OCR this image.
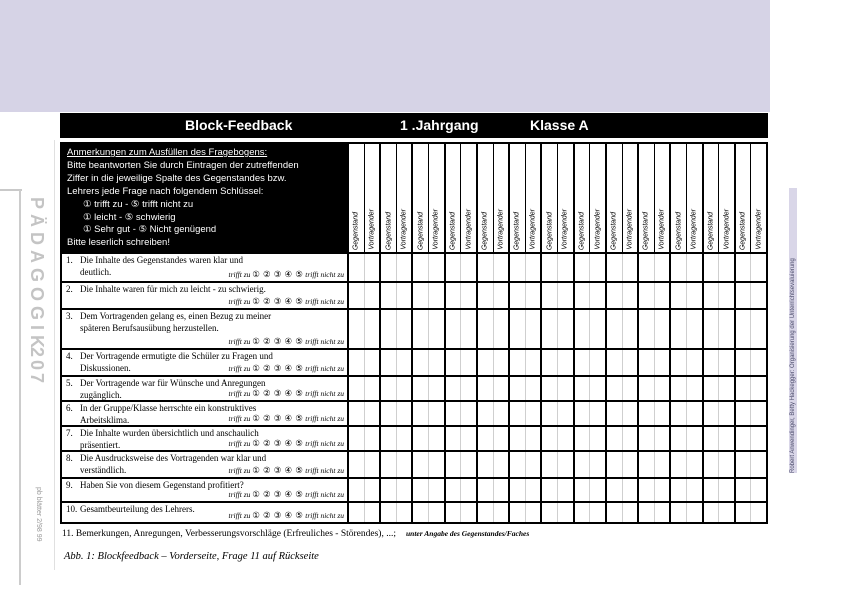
PÄDAGOGIK
207
pb blätter 2/98 99
Robert Anwendinger, Betty Hackegger: Organisierung der Unterrichtsevaluierung
Block-Feedback	1 .Jahrgang	Klasse A
Anmerkungen zum Ausfüllen des Fragebogens:
Bitte beantworten Sie durch Eintragen der zutreffenden
Ziffer in die jeweilige Spalte des Gegenstandes bzw.
Lehrers jede Frage nach folgendem Schlüssel:
① trifft zu - ⑤ trifft nicht zu
① leicht - ⑤ schwierig
① Sehr gut - ⑤ Nicht genügend
Bitte leserlich schreiben!	Gegenstand Vortragender Gegenstand Vortragender Gegenstand Vortragender Gegenstand Vortragender Gegenstand Vortragender Gegenstand Vortragender Gegenstand Vortragender Gegenstand Vortragender Gegenstand Vortragender Gegenstand Vortragender Gegenstand Vortragender Gegenstand Vortragender Gegenstand Vortragender
1. Die Inhalte des Gegenstandes waren klar und
deutlich.	trifft zu ① ② ③ ④ ⑤ trifft nicht zu
2. Die Inhalte waren für mich zu leicht - zu schwierig.
trifft zu ① ② ③ ④ ⑤ trifft nicht zu
3. Dem Vortragenden gelang es, einen Bezug zu meiner
späteren Berufsausübung herzustellen.
trifft zu ① ② ③ ④ ⑤ trifft nicht zu
4. Der Vortragende ermutigte die Schüler zu Fragen und
Diskussionen.	trifft zu ① ② ③ ④ ⑤ trifft nicht zu
5. Der Vortragende war für Wünsche und Anregungen
zugänglich.	trifft zu ① ② ③ ④ ⑤ trifft nicht zu
6. In der Gruppe/Klasse herrschte ein konstruktives
Arbeitsklima.	trifft zu ① ② ③ ④ ⑤ trifft nicht zu
7. Die Inhalte wurden übersichtlich und anschaulich
präsentiert.	trifft zu ① ② ③ ④ ⑤ trifft nicht zu
8. Die Ausdrucksweise des Vortragenden war klar und
verständlich.	trifft zu ① ② ③ ④ ⑤ trifft nicht zu
9. Haben Sie von diesem Gegenstand profitiert?
trifft zu ① ② ③ ④ ⑤ trifft nicht zu
10. Gesamtbeurteilung des Lehrers.
trifft zu ① ② ③ ④ ⑤ trifft nicht zu
11. Bemerkungen, Anregungen, Verbesserungsvorschläge (Erfreuliches - Störendes), ...; unter Angabe des Gegenstandes/Faches
Abb. 1: Blockfeedback – Vorderseite, Frage 11 auf Rückseite
